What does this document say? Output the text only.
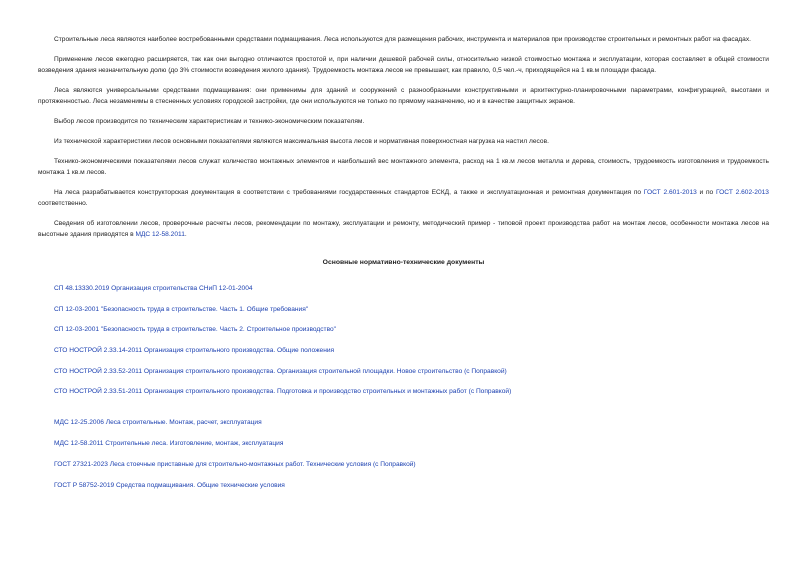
Строительные леса являются наиболее востребованными средствами подмащивания. Леса используются для размещения рабочих, инструмента и материалов при производстве строительных и ремонтных работ на фасадах.

Применение лесов ежегодно расширяется, так как они выгодно отличаются простотой и, при наличии дешевой рабочей силы, относительно низкой стоимостью монтажа и эксплуатации, которая составляет в общей стоимости возведения здания незначительную долю (до 3% стоимости возведения жилого здания). Трудоемкость монтажа лесов не превышает, как правило, 0,5 чел.-ч, приходящейся на 1 кв.м площади фасада.

Леса являются универсальными средствами подмащивания: они применимы для зданий и сооружений с разнообразными конструктивными и архитектурно-планировочными параметрами, конфигурацией, высотами и протяженностью. Леса незаменимы в стесненных условиях городской застройки, где они используются не только по прямому назначению, но и в качестве защитных экранов.

Выбор лесов производится по техническим характеристикам и технико-экономическим показателям.

Из технической характеристики лесов основными показателями являются максимальная высота лесов и нормативная поверхностная нагрузка на настил лесов.

Технико-экономическими показателями лесов служат количество монтажных элементов и наибольший вес монтажного элемента, расход на 1 кв.м лесов металла и дерева, стоимость, трудоемкость изготовления и трудоемкость монтажа 1 кв.м лесов.

На леса разрабатывается конструкторская документация в соответствии с требованиями государственных стандартов ЕСКД, а также и эксплуатационная и ремонтная документация по ГОСТ 2.601-2013 и по ГОСТ 2.602-2013 соответственно.

Сведения об изготовлении лесов, проверочные расчеты лесов, рекомендации по монтажу, эксплуатации и ремонту, методический пример - типовой проект производства работ на монтаж лесов, особенности монтажа лесов на высотные здания приводятся в МДС 12-58.2011.

Основные нормативно-технические документы
СП 48.13330.2019 Организация строительства СНиП 12-01-2004
СП 12-03-2001 "Безопасность труда в строительстве. Часть 1. Общие требования"
СП 12-03-2001 "Безопасность труда в строительстве. Часть 2. Строительное производство"
СТО НОСТРОЙ 2.33.14-2011 Организация строительного производства. Общие положения
СТО НОСТРОЙ 2.33.52-2011 Организация строительного производства. Организация строительной площадки. Новое строительство (с Поправкой)
СТО НОСТРОЙ 2.33.51-2011 Организация строительного производства. Подготовка и производство строительных и монтажных работ (с Поправкой)
МДС 12-25.2006 Леса строительные. Монтаж, расчет, эксплуатация
МДС 12-58.2011 Строительные леса. Изготовление, монтаж, эксплуатация
ГОСТ 27321-2023 Леса стоечные приставные для строительно-монтажных работ. Технические условия (с Поправкой)
ГОСТ Р 58752-2019 Средства подмащивания. Общие технические условия
